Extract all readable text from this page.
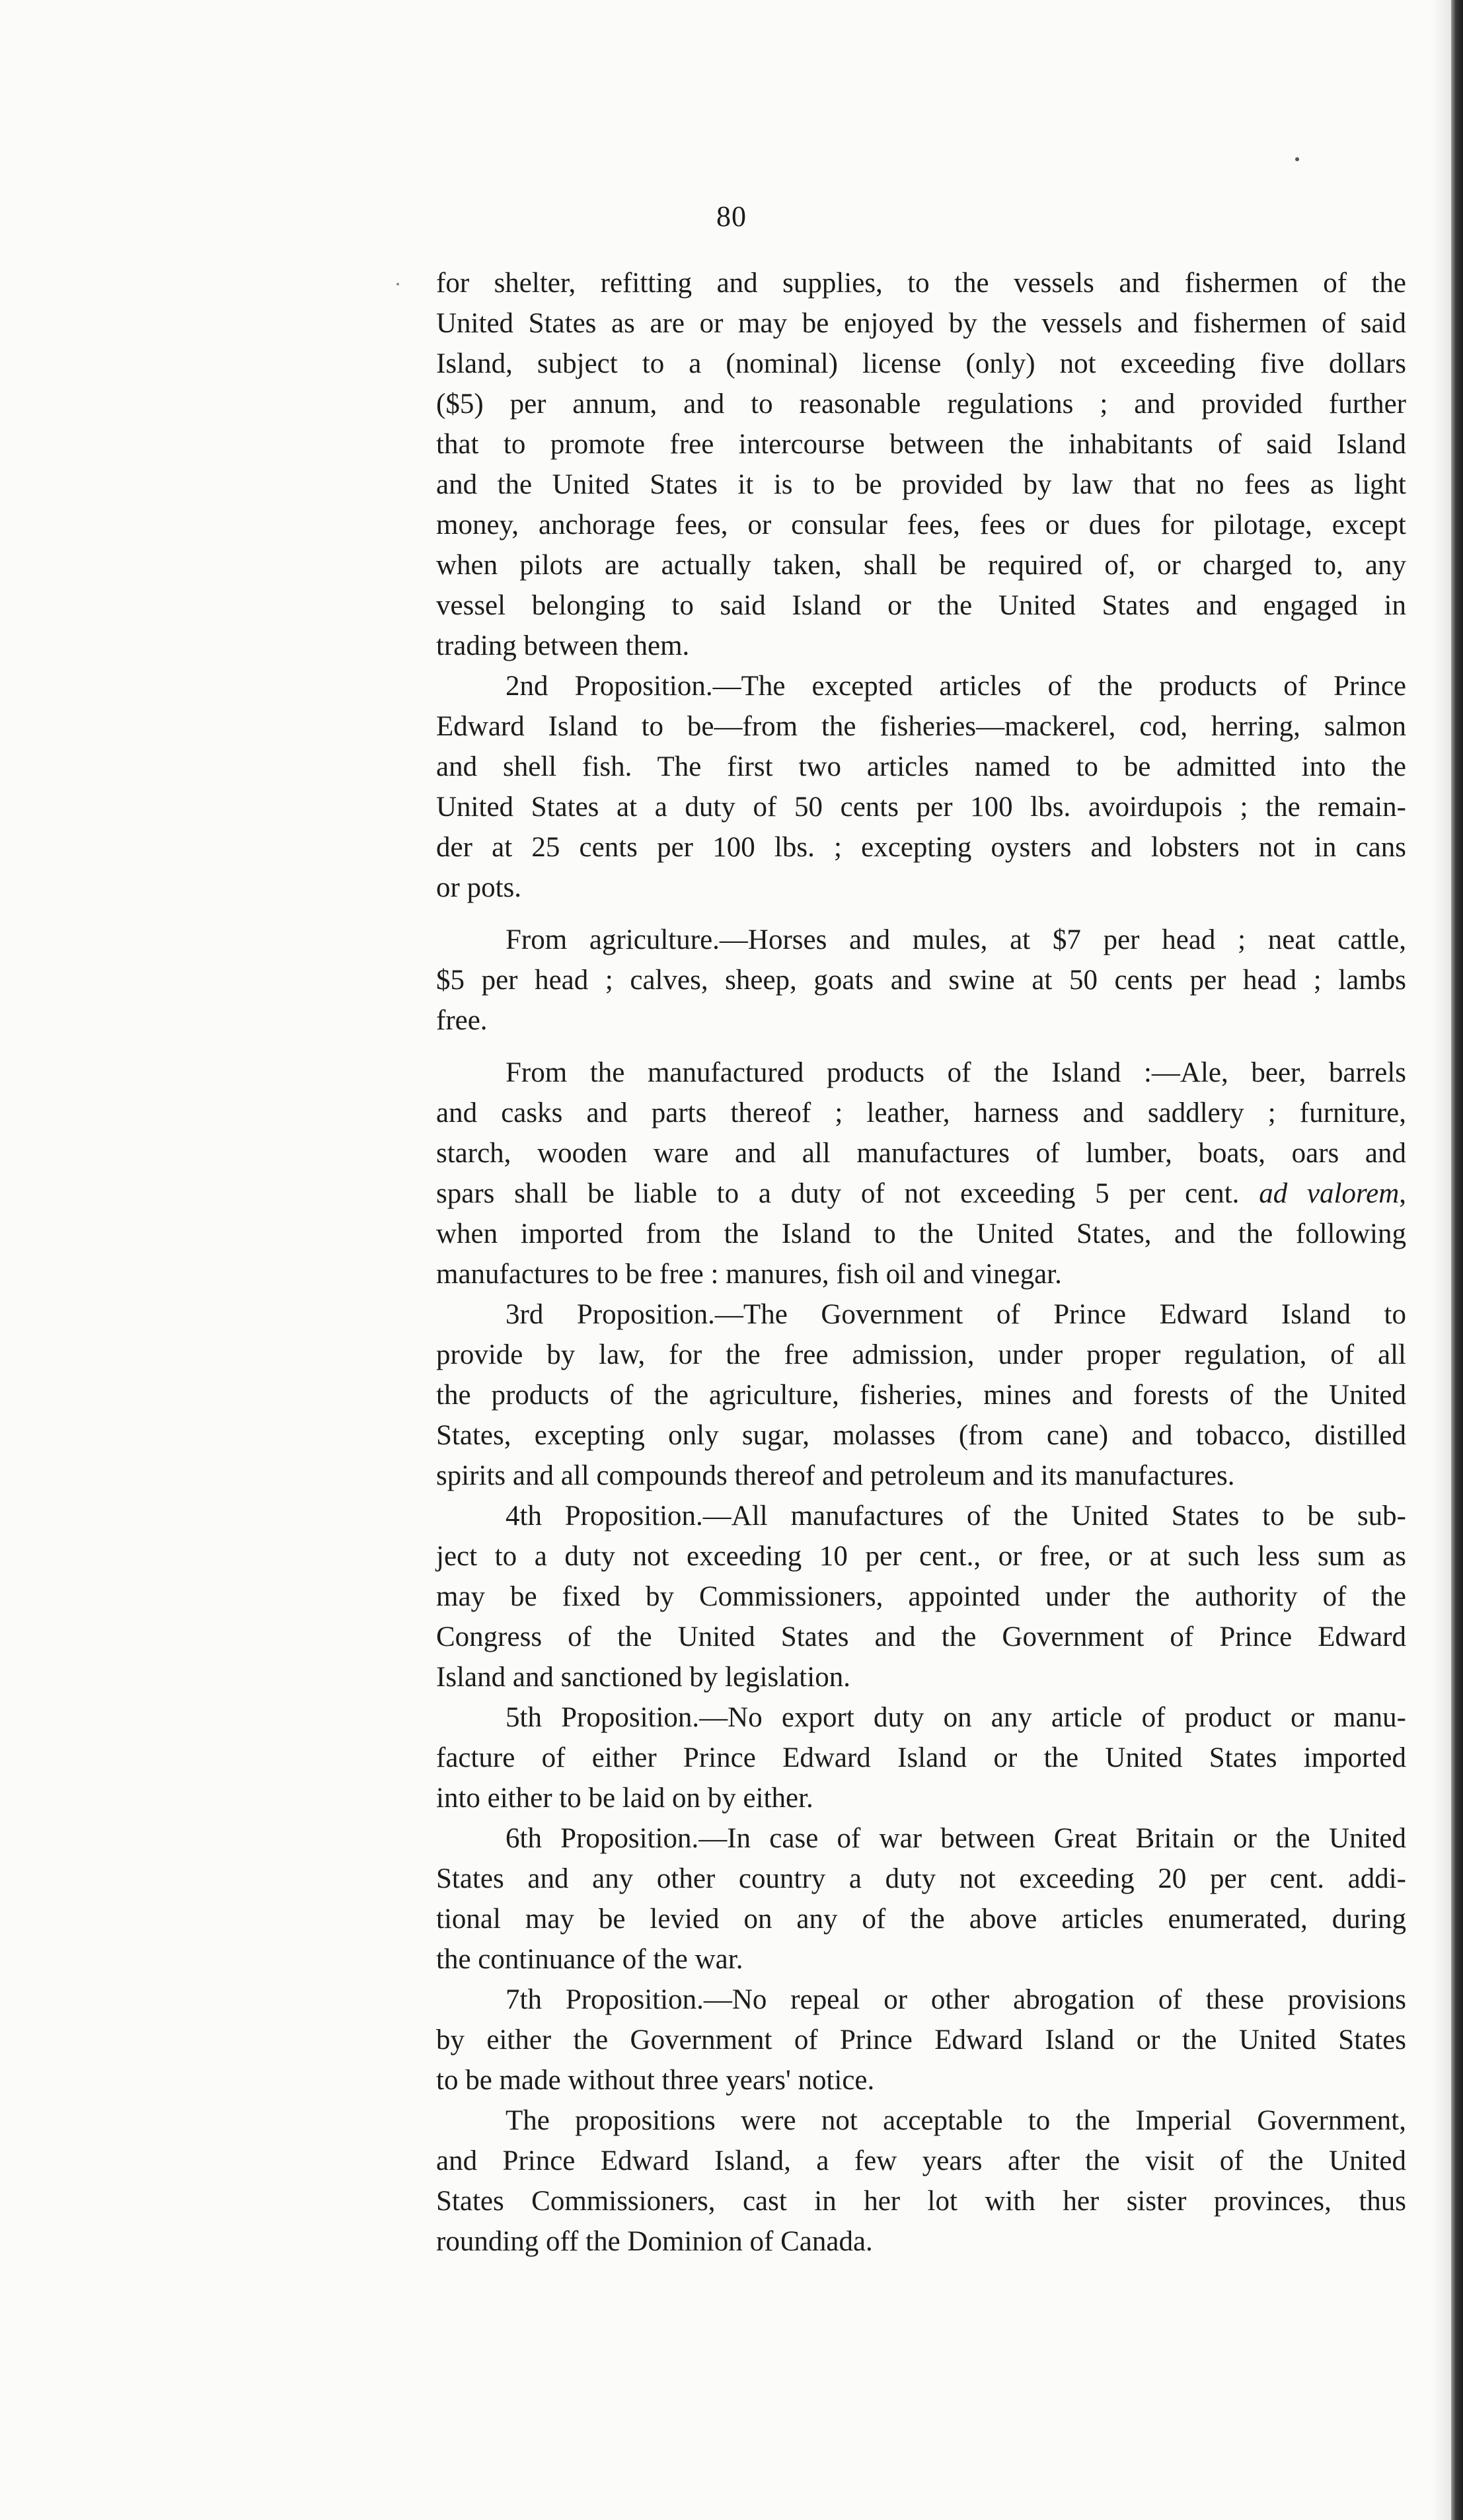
80
for shelter, refitting and supplies, to the vessels and fishermen of the
United States as are or may be enjoyed by the vessels and fishermen of said
Island, subject to a (nominal) license (only) not exceeding five dollars
($5) per annum, and to reasonable regulations ; and provided further
that to promote free intercourse between the inhabitants of said Island
and the United States it is to be provided by law that no fees as light
money, anchorage fees, or consular fees, fees or dues for pilotage, except
when pilots are actually taken, shall be required of, or charged to, any
vessel belonging to said Island or the United States and engaged in
trading between them.
2nd Proposition.—The excepted articles of the products of Prince
Edward Island to be—from the fisheries—mackerel, cod, herring, salmon
and shell fish. The first two articles named to be admitted into the
United States at a duty of 50 cents per 100 lbs. avoirdupois ; the remain-
der at 25 cents per 100 lbs. ; excepting oysters and lobsters not in cans
or pots.
From agriculture.—Horses and mules, at $7 per head ; neat cattle,
$5 per head ; calves, sheep, goats and swine at 50 cents per head ; lambs
free.
From the manufactured products of the Island :—Ale, beer, barrels
and casks and parts thereof ; leather, harness and saddlery ; furniture,
starch, wooden ware and all manufactures of lumber, boats, oars and
spars shall be liable to a duty of not exceeding 5 per cent. ad valorem,
when imported from the Island to the United States, and the following
manufactures to be free : manures, fish oil and vinegar.
3rd Proposition.—The Government of Prince Edward Island to
provide by law, for the free admission, under proper regulation, of all
the products of the agriculture, fisheries, mines and forests of the United
States, excepting only sugar, molasses (from cane) and tobacco, distilled
spirits and all compounds thereof and petroleum and its manufactures.
4th Proposition.—All manufactures of the United States to be sub-
ject to a duty not exceeding 10 per cent., or free, or at such less sum as
may be fixed by Commissioners, appointed under the authority of the
Congress of the United States and the Government of Prince Edward
Island and sanctioned by legislation.
5th Proposition.—No export duty on any article of product or manu-
facture of either Prince Edward Island or the United States imported
into either to be laid on by either.
6th Proposition.—In case of war between Great Britain or the United
States and any other country a duty not exceeding 20 per cent. addi-
tional may be levied on any of the above articles enumerated, during
the continuance of the war.
7th Proposition.—No repeal or other abrogation of these provisions
by either the Government of Prince Edward Island or the United States
to be made without three years' notice.
The propositions were not acceptable to the Imperial Government,
and Prince Edward Island, a few years after the visit of the United
States Commissioners, cast in her lot with her sister provinces, thus
rounding off the Dominion of Canada.
